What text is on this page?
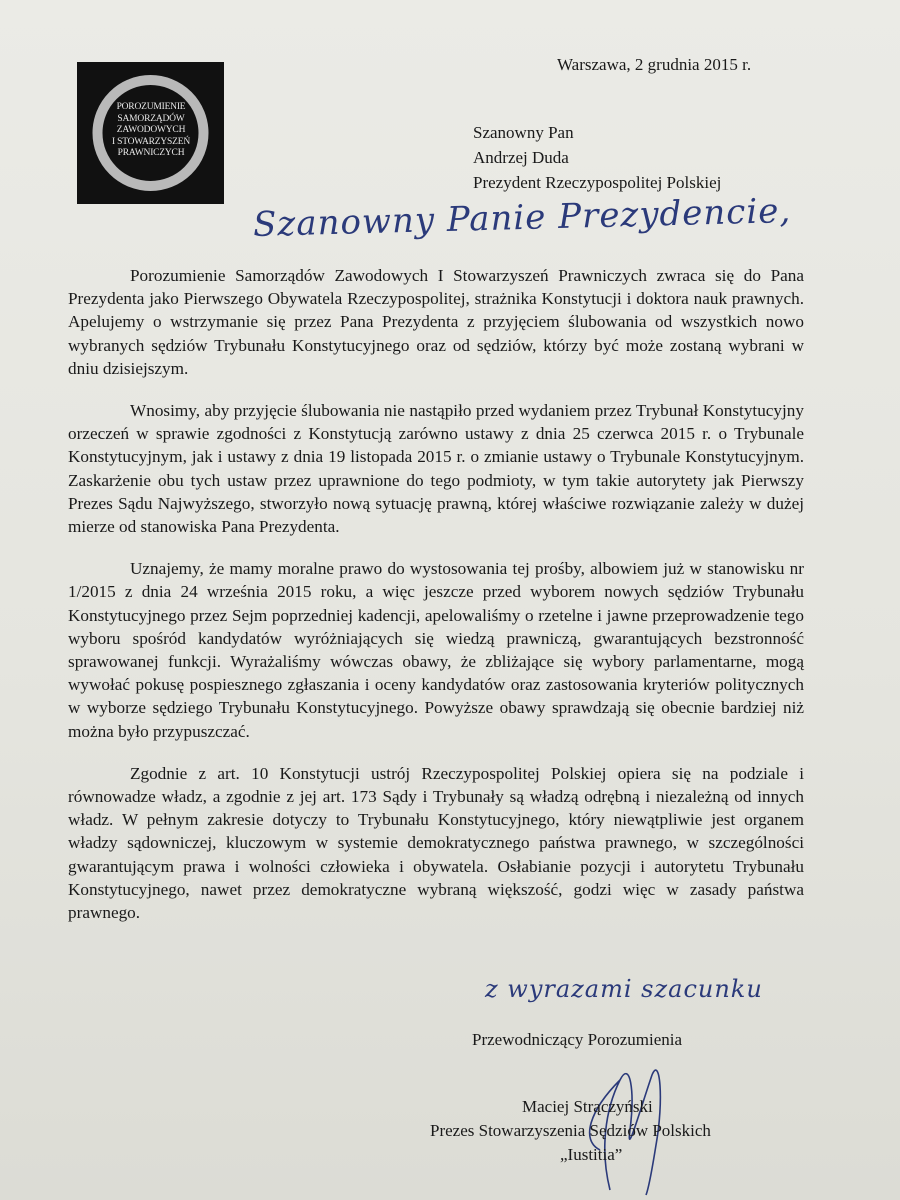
POROZUMIENIE
SAMORZĄDÓW
ZAWODOWYCH
I STOWARZYSZEŃ
PRAWNICZYCH
Warszawa, 2 grudnia 2015 r.
Szanowny Pan
Andrzej Duda
Prezydent Rzeczypospolitej Polskiej
Szanowny Panie Prezydencie,

Porozumienie Samorządów Zawodowych I Stowarzyszeń Prawniczych zwraca się do Pana Prezydenta jako Pierwszego Obywatela Rzeczypospolitej, strażnika Konstytucji i doktora nauk prawnych. Apelujemy o wstrzymanie się przez Pana Prezydenta z przyjęciem ślubowania od wszystkich nowo wybranych sędziów Trybunału Konstytucyjnego oraz od sędziów, którzy być może zostaną wybrani w dniu dzisiejszym.

Wnosimy, aby przyjęcie ślubowania nie nastąpiło przed wydaniem przez Trybunał Konstytucyjny orzeczeń w sprawie zgodności z Konstytucją zarówno ustawy z dnia 25 czerwca 2015 r. o Trybunale Konstytucyjnym, jak i ustawy z dnia 19 listopada 2015 r. o zmianie ustawy o Trybunale Konstytucyjnym. Zaskarżenie obu tych ustaw przez uprawnione do tego podmioty, w tym takie autorytety jak Pierwszy Prezes Sądu Najwyższego, stworzyło nową sytuację prawną, której właściwe rozwiązanie zależy w dużej mierze od stanowiska Pana Prezydenta.

Uznajemy, że mamy moralne prawo do wystosowania tej prośby, albowiem już w stanowisku nr 1/2015 z dnia 24 września 2015 roku, a więc jeszcze przed wyborem nowych sędziów Trybunału Konstytucyjnego przez Sejm poprzedniej kadencji, apelowaliśmy o rzetelne i jawne przeprowadzenie tego wyboru spośród kandydatów wyróżniających się wiedzą prawniczą, gwarantujących bezstronność sprawowanej funkcji. Wyrażaliśmy wówczas obawy, że zbliżające się wybory parlamentarne, mogą wywołać pokusę pospiesznego zgłaszania i oceny kandydatów oraz zastosowania kryteriów politycznych w wyborze sędziego Trybunału Konstytucyjnego. Powyższe obawy sprawdzają się obecnie bardziej niż można było przypuszczać.

Zgodnie z art. 10 Konstytucji ustrój Rzeczypospolitej Polskiej opiera się na podziale i równowadze władz, a zgodnie z jej art. 173 Sądy i Trybunały są władzą odrębną i niezależną od innych władz. W pełnym zakresie dotyczy to Trybunału Konstytucyjnego, który niewątpliwie jest organem władzy sądowniczej, kluczowym w systemie demokratycznego państwa prawnego, w szczególności gwarantującym prawa i wolności człowieka i obywatela. Osłabianie pozycji i autorytetu Trybunału Konstytucyjnego, nawet przez demokratyczne wybraną większość, godzi więc w zasady państwa prawnego.

z wyrazami szacunku
Przewodniczący Porozumienia
Maciej Strączyński
Prezes Stowarzyszenia Sędziów Polskich
„Iustitia”
